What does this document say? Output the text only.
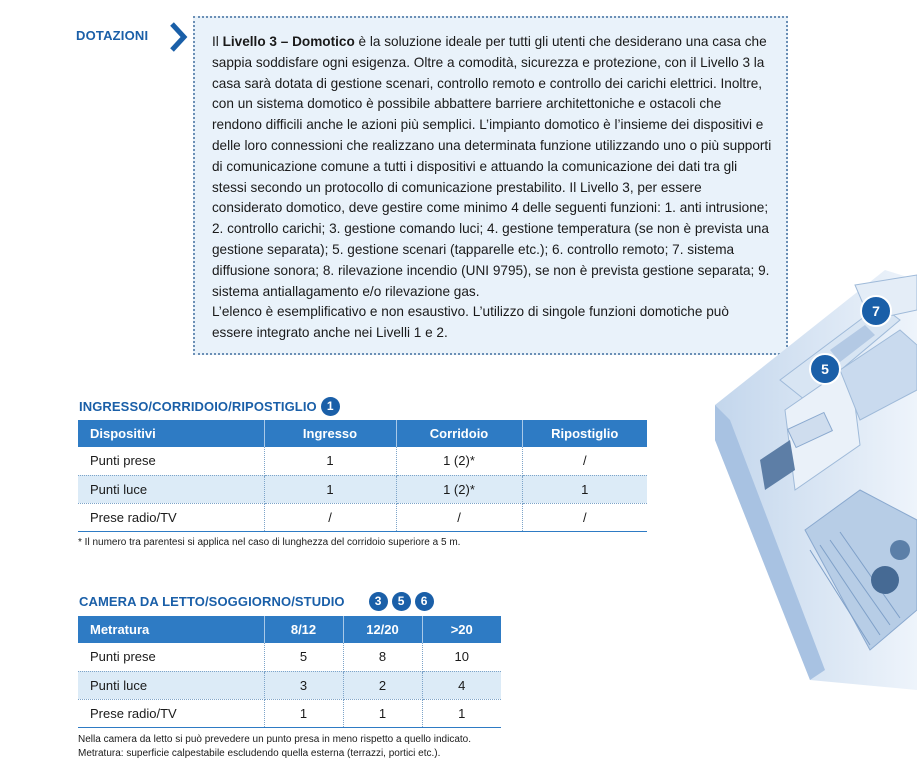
DOTAZIONI	Il Livello 3 – Domotico è la soluzione ideale per tutti gli utenti che desiderano una casa che sappia soddisfare ogni esigenza. Oltre a comodità, sicurezza e protezione, con il Livello 3 la casa sarà dotata di gestione scenari, controllo remoto e controllo dei carichi elettrici. Inoltre, con un sistema domotico è possibile abbattere barriere architettoniche e ostacoli che rendono difficili anche le azioni più semplici. L’impianto domotico è l’insieme dei dispositivi e delle loro connessioni che realizzano una determinata funzione utilizzando uno o più supporti di comunicazione comune a tutti i dispositivi e attuando la comunicazione dei dati tra gli stessi secondo un protocollo di comunicazione prestabilito. Il Livello 3, per essere considerato domotico, deve gestire come minimo 4 delle seguenti funzioni: 1. anti intrusione; 2. controllo carichi; 3. gestione comando luci; 4. gestione temperatura (se non è prevista una gestione separata); 5. gestione scenari (tapparelle etc.); 6. controllo remoto; 7. sistema diffusione sonora; 8. rilevazione incendio (UNI 9795), se non è prevista gestione separata; 9. sistema antiallagamento e/o rilevazione gas.

L’elenco è esemplificativo e non esaustivo. L’utilizzo di singole funzioni domotiche può essere integrato anche nei Livelli 1 e 2.

INGRESSO/CORRIDOIO/RIPOSTIGLIO 1
Dispositivi	Ingresso	Corridoio	Ripostiglio
Punti prese	1	1 (2)*	/
Punti luce	1	1 (2)*	1
Prese radio/TV	/	/	/
* Il numero tra parentesi si applica nel caso di lunghezza del corridoio superiore a 5 m.
CAMERA DA LETTO/SOGGIORNO/STUDIO	3	5	6
Metratura	8/12	12/20	>20
Punti prese	5	8	10
Punti luce	3	2	4
Prese radio/TV	1	1	1
Nella camera da letto si può prevedere un punto presa in meno rispetto a quello indicato.
Metratura: superficie calpestabile escludendo quella esterna (terrazzi, portici etc.).
7
5
